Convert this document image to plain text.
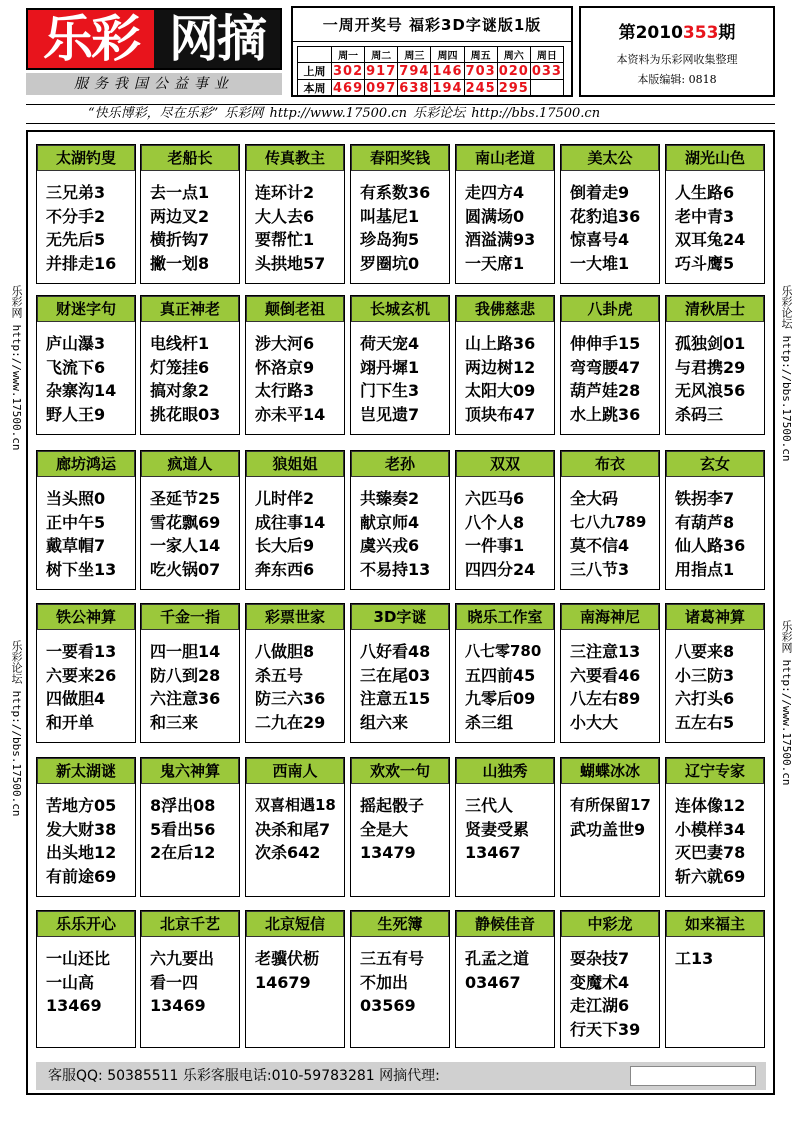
乐彩 网摘
服务我国公益事业
一周开奖号 福彩3D字谜版1版
	周一	周二	周三	周四	周五	周六	周日
上周	302	917	794	146	703	020	033
本周	469	097	638	194	245	295	
第2010353期
本资料为乐彩网收集整理
本版编辑: 0818
“快乐博彩，尽在乐彩” 乐彩网 http://www.17500.cn 乐彩论坛 http://bbs.17500.cn
乐彩网 http://www.17500.cn
乐彩论坛 http://bbs.17500.cn
乐彩论坛 http://bbs.17500.cn
乐彩网 http://www.17500.cn
太湖钓叟
三兄弟3
不分手2
无先后5
并排走16
老船长
去一点1
两边叉2
横折钩7
撇一划8
传真教主
连环计2
大人去6
要帮忙1
头拱地57
春阳奖钱
有系数36
叫基尼1
珍岛狗5
罗圈坑0
南山老道
走四方4
圆满场0
酒溢满93
一天席1
美太公
倒着走9
花豹追36
惊喜号4
一大堆1
湖光山色
人生路6
老中青3
双耳兔24
巧斗鹰5
财迷字句
庐山瀑3
飞流下6
杂寨沟14
野人王9
真正神老
电线杆1
灯笼挂6
搞对象2
挑花眼03
颠倒老祖
涉大河6
怀洛京9
太行路3
亦未平14
长城玄机
荷天宠4
翊丹墀1
门下生3
岂见遗7
我佛慈悲
山上路36
两边树12
太阳大09
顶块布47
八卦虎
伸伸手15
弯弯腰47
葫芦娃28
水上跳36
清秋居士
孤独剑01
与君携29
无风浪56
杀码三
廊坊鸿运
当头照0
正中午5
戴草帽7
树下坐13
疯道人
圣延节25
雪花飘69
一家人14
吃火锅07
狼姐姐
儿时伴2
成往事14
长大后9
奔东西6
老孙
共臻奏2
献京师4
虞兴戎6
不易持13
双双
六匹马6
八个人8
一件事1
四四分24
布衣
全大码
七八九789
莫不信4
三八节3
玄女
铁拐李7
有葫芦8
仙人路36
用指点1
铁公神算
一要看13
六要来26
四做胆4
和开单
千金一指
四一胆14
防八到28
六注意36
和三来
彩票世家
八做胆8
杀五号
防三六36
二九在29
3D字谜
八好看48
三在尾03
注意五15
组六来
晓乐工作室
八七零780
五四前45
九零后09
杀三组
南海神尼
三注意13
六要看46
八左右89
小大大
诸葛神算
八要来8
小三防3
六打头6
五左右5
新太湖谜
苦地方05
发大财38
出头地12
有前途69
鬼六神算
8浮出08
5看出56
2在后12
西南人
双喜相遇18
决杀和尾7
次杀642
欢欢一句
摇起骰子
全是大
13479
山独秀
三代人
贤妻受累
13467
蝴蝶冰冰
有所保留17
武功盖世9
辽宁专家
连体像12
小模样34
灭巴妻78
斩六就69
乐乐开心
一山还比
一山高
13469
北京千艺
六九要出
看一四
13469
北京短信
老骥伏枥
14679
生死簿
三五有号
不加出
03569
静候佳音
孔孟之道
03467
中彩龙
耍杂技7
变魔术4
走江湖6
行天下39
如来福主
工13
客服QQ: 50385511 乐彩客服电话:010-59783281 网摘代理:
